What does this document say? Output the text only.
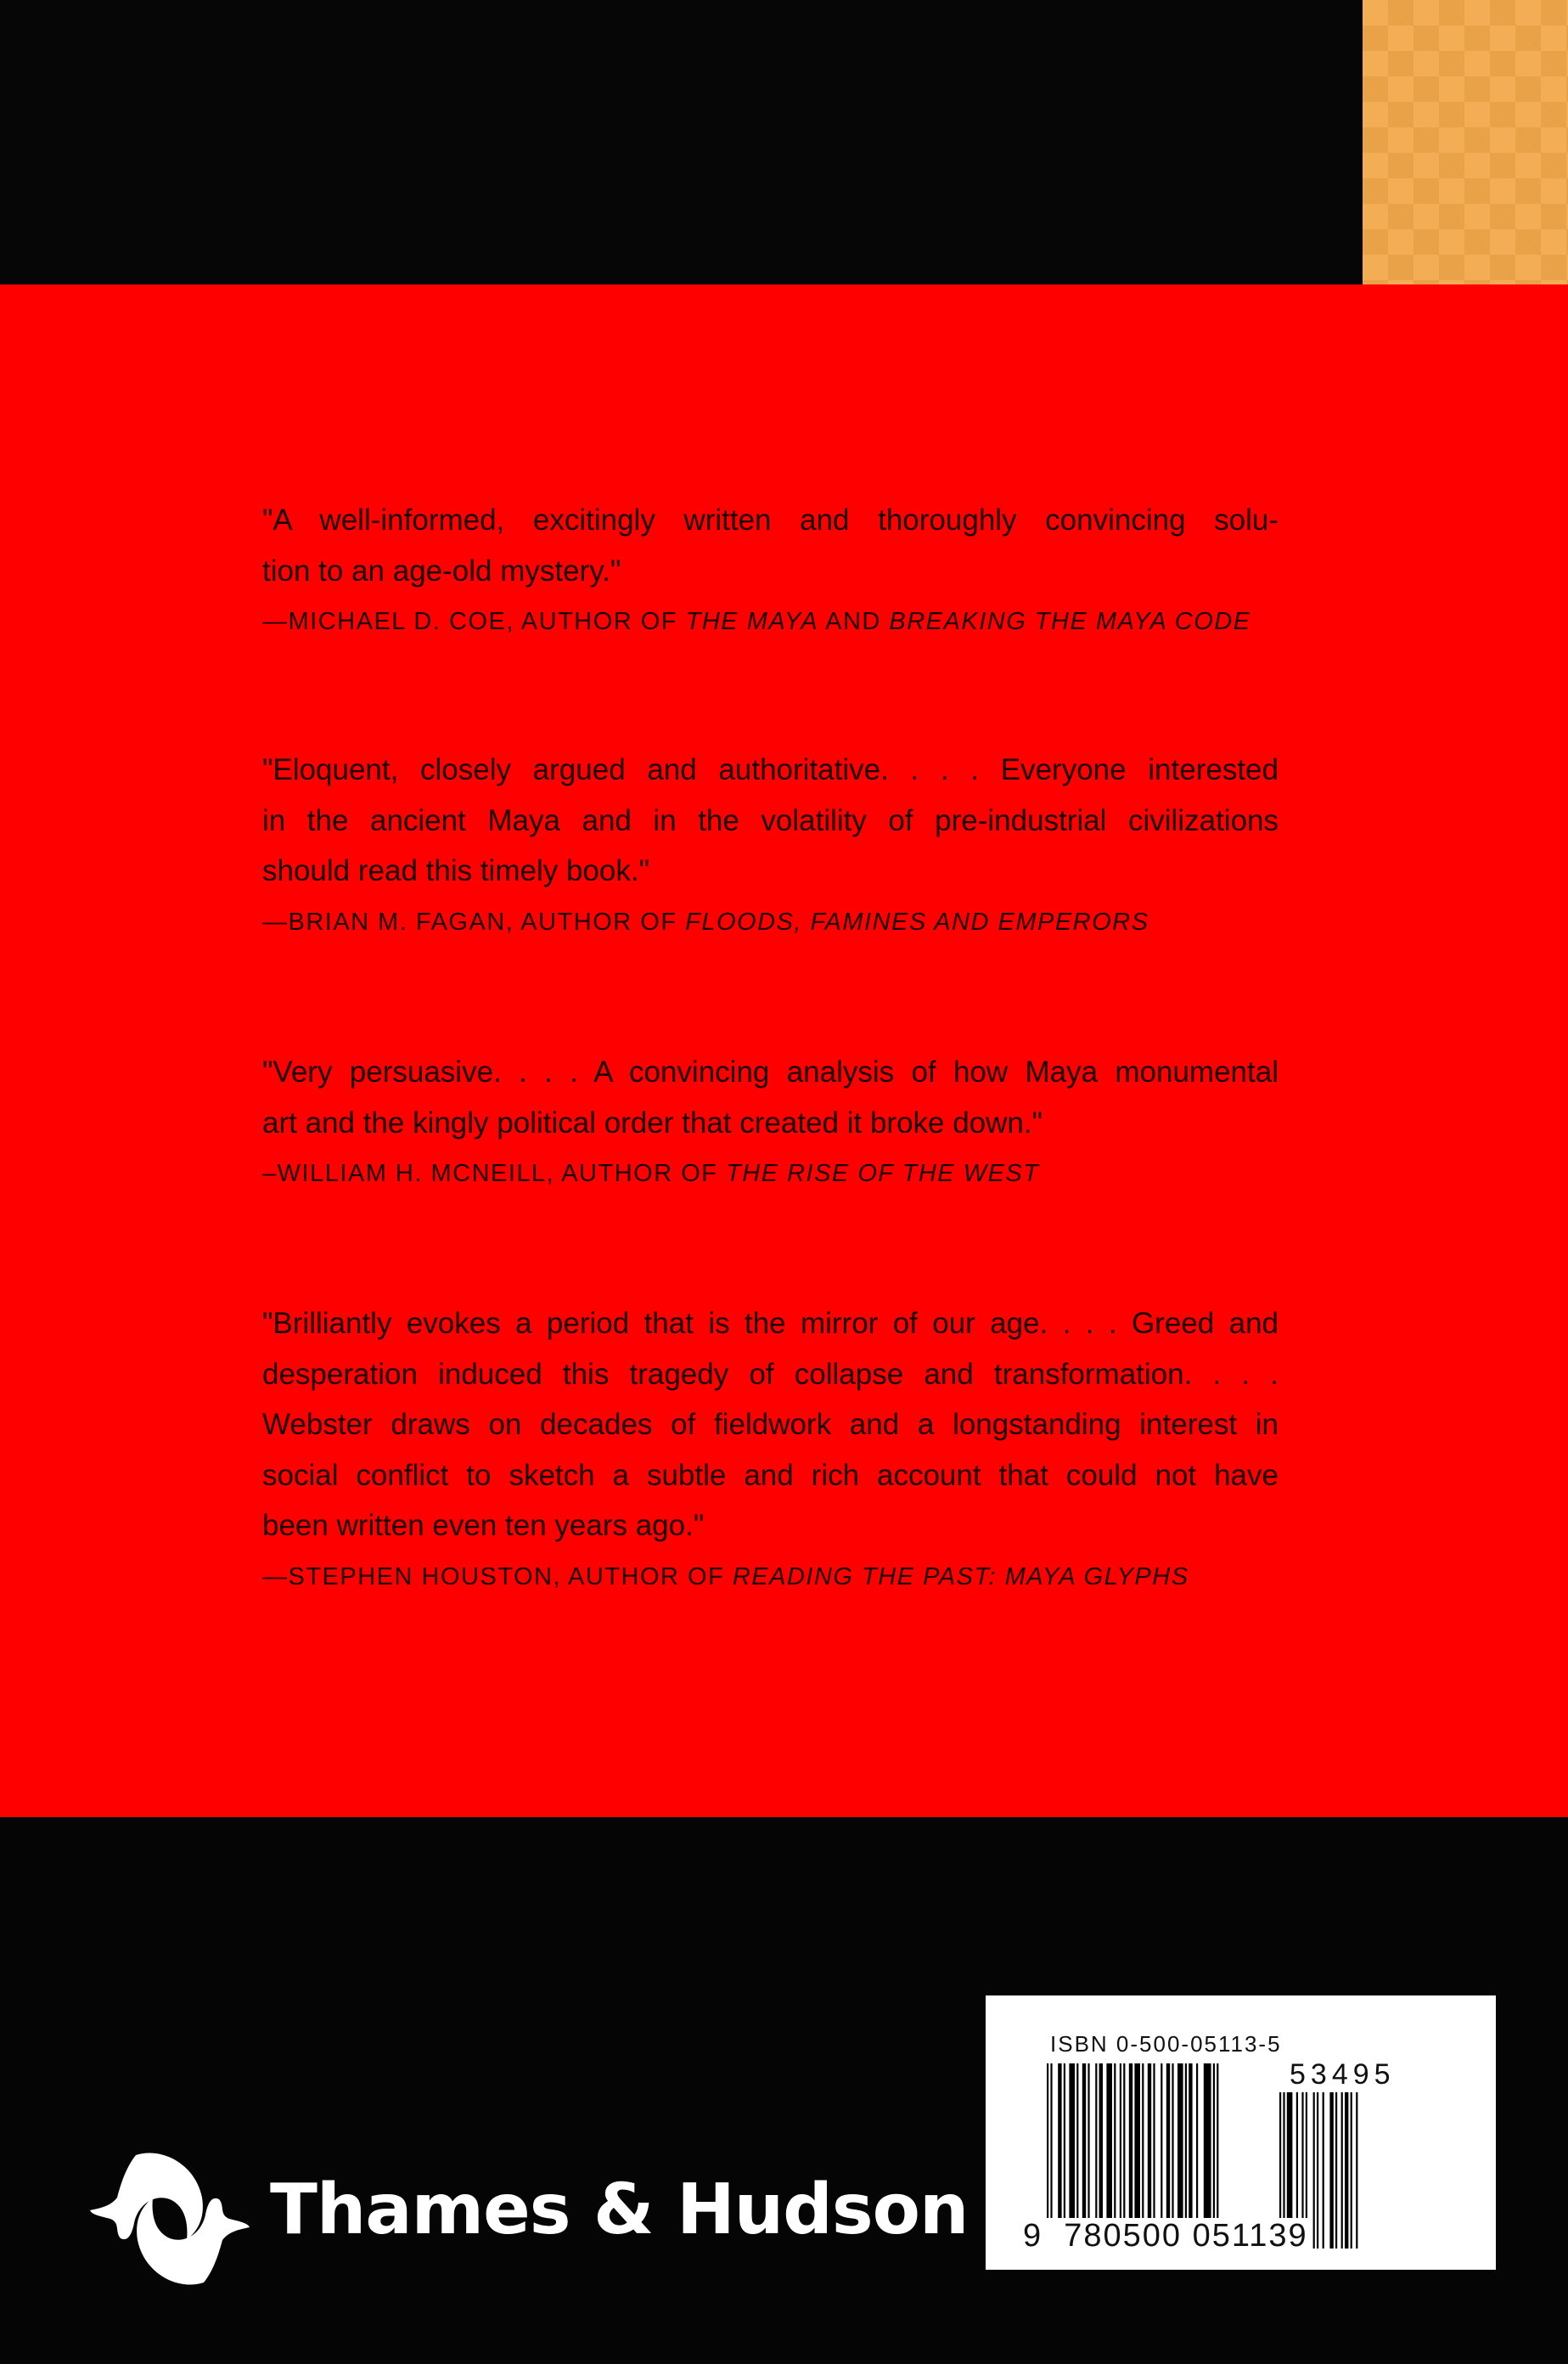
"A well-informed, excitingly written and thoroughly convincing solu-
tion to an age-old mystery."
—MICHAEL D. COE, AUTHOR OF THE MAYA AND BREAKING THE MAYA CODE
"Eloquent, closely argued and authoritative. . . . Everyone interested
in the ancient Maya and in the volatility of pre-industrial civilizations
should read this timely book."
—BRIAN M. FAGAN, AUTHOR OF FLOODS, FAMINES AND EMPERORS
"Very persuasive. . . . A convincing analysis of how Maya monumental
art and the kingly political order that created it broke down."
–WILLIAM H. MCNEILL, AUTHOR OF THE RISE OF THE WEST
"Brilliantly evokes a period that is the mirror of our age. . . . Greed and
desperation induced this tragedy of collapse and transformation. . . .
Webster draws on decades of fieldwork and a longstanding interest in
social conflict to sketch a subtle and rich account that could not have
been written even ten years ago."
—STEPHEN HOUSTON, AUTHOR OF READING THE PAST: MAYA GLYPHS
Thames & Hudson
ISBN 0-500-05113-5
53495
9 780500 051139
